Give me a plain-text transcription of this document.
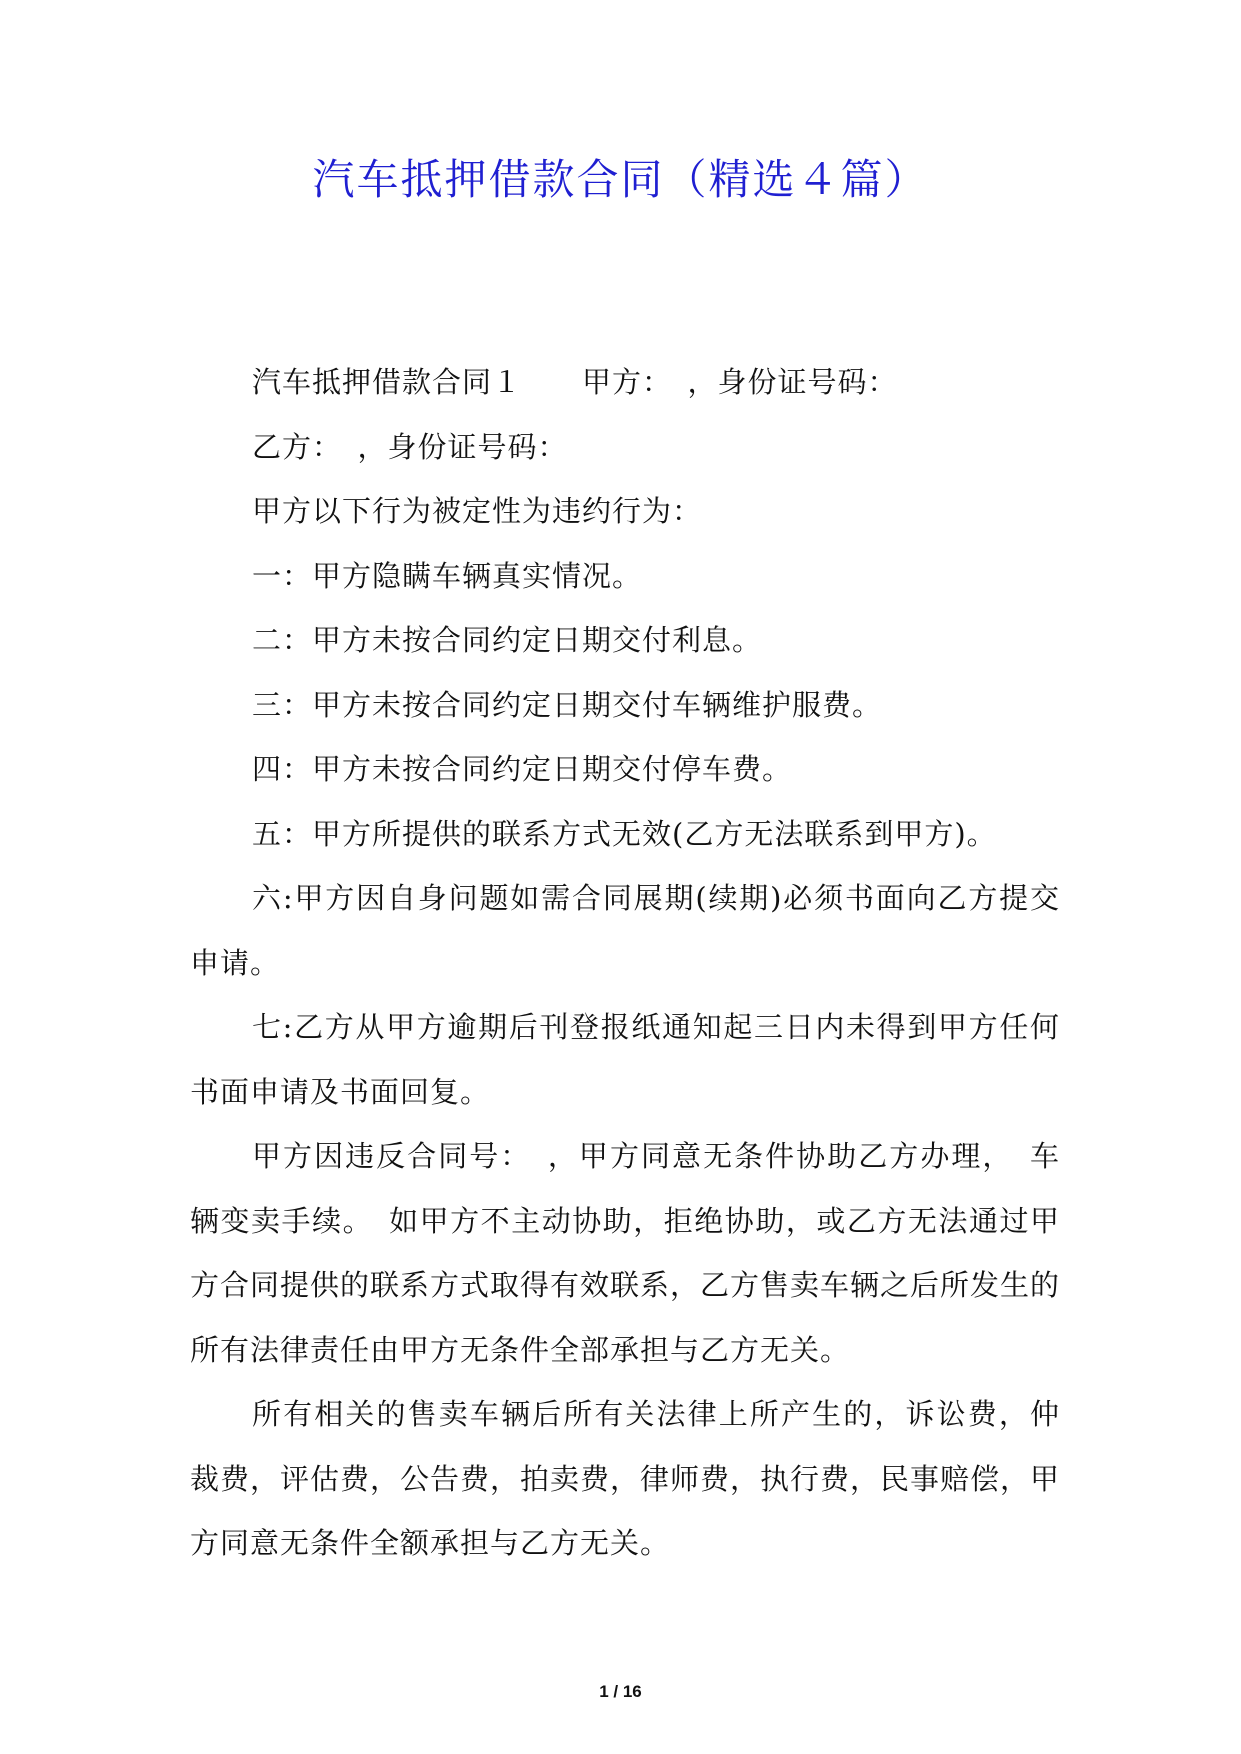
汽车抵押借款合同（精选４篇）

汽车抵押借款合同１ 甲方：　，身份证号码：

乙方：　，身份证号码：

甲方以下行为被定性为违约行为：

一：甲方隐瞒车辆真实情况。

二：甲方未按合同约定日期交付利息。

三：甲方未按合同约定日期交付车辆维护服费。

四：甲方未按合同约定日期交付停车费。

五：甲方所提供的联系方式无效(乙方无法联系到甲方)。

六:甲方因自身问题如需合同展期(续期)必须书面向乙方提交申请。

七:乙方从甲方逾期后刊登报纸通知起三日内未得到甲方任何书面申请及书面回复。

甲方因违反合同号：　，甲方同意无条件协助乙方办理，　车辆变卖手续。　如甲方不主动协助，拒绝协助，或乙方无法通过甲方合同提供的联系方式取得有效联系，乙方售卖车辆之后所发生的所有法律责任由甲方无条件全部承担与乙方无关。

所有相关的售卖车辆后所有关法律上所产生的，诉讼费，仲裁费，评估费，公告费，拍卖费，律师费，执行费，民事赔偿，甲方同意无条件全额承担与乙方无关。

1 / 16
